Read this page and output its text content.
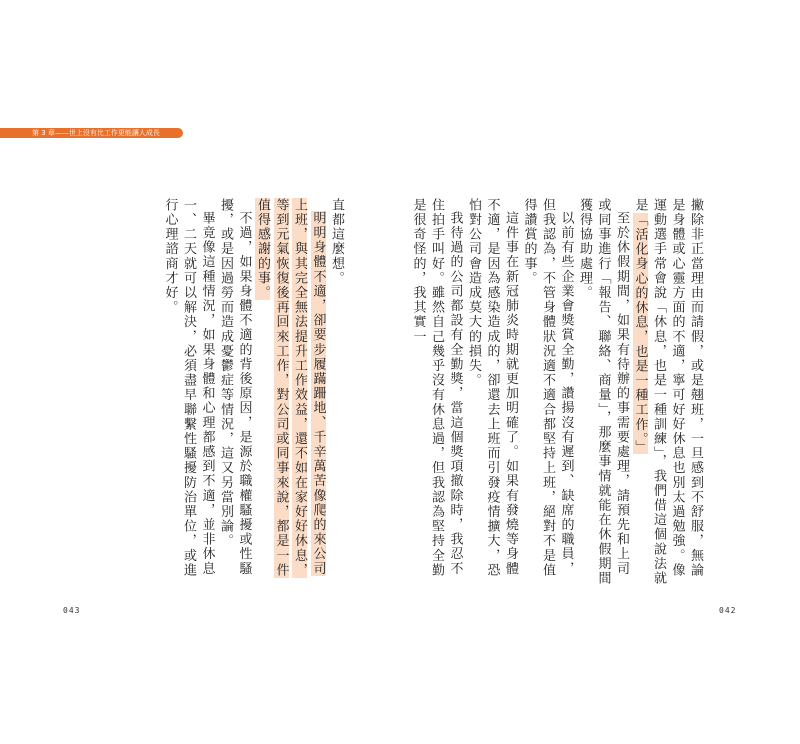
第 3 章——世上沒有比工作更能讓人成長

撇除非正當理由而請假，或是翹班，一旦感到不舒服，無論是身體或心靈方面的不適，寧可好好休息也別太過勉強。像運動選手常會說「休息，也是一種訓練」，我們借這個說法就是「活化身心的休息，也是一種工作。」

至於休假期間，如果有待辦的事需要處理，請預先和上司或同事進行「報告、聯絡、商量」，那麼事情就能在休假期間獲得協助處理。

以前有些企業會獎賞全勤，讚揚沒有遲到、缺席的職員，但我認為，不管身體狀況適不適合都堅持上班，絕對不是值得讚賞的事。

這件事在新冠肺炎時期就更加明確了。如果有發燒等身體不適，是因為感染造成的，卻還去上班而引發疫情擴大，恐怕對公司會造成莫大的損失。

我待過的公司都設有全勤獎，當這個獎項撤除時，我忍不住拍手叫好。雖然自己幾乎沒有休息過，但我認為堅持全勤是很奇怪的，我其實一

直都這麼想。

明明身體不適，卻要步履蹣跚地、千辛萬苦像爬的來公司上班，與其完全無法提升工作效益，還不如在家好好休息，等到元氣恢復後再回來工作，對公司或同事來說，都是一件值得感謝的事。

不過，如果身體不適的背後原因，是源於職權騷擾或性騷擾，或是因過勞而造成憂鬱症等情況，這又另當別論。

畢竟像這種情況，如果身體和心理都感到不適，並非休息一、二天就可以解決，必須盡早聯繫性騷擾防治單位，或進行心理諮商才好。

043	042
